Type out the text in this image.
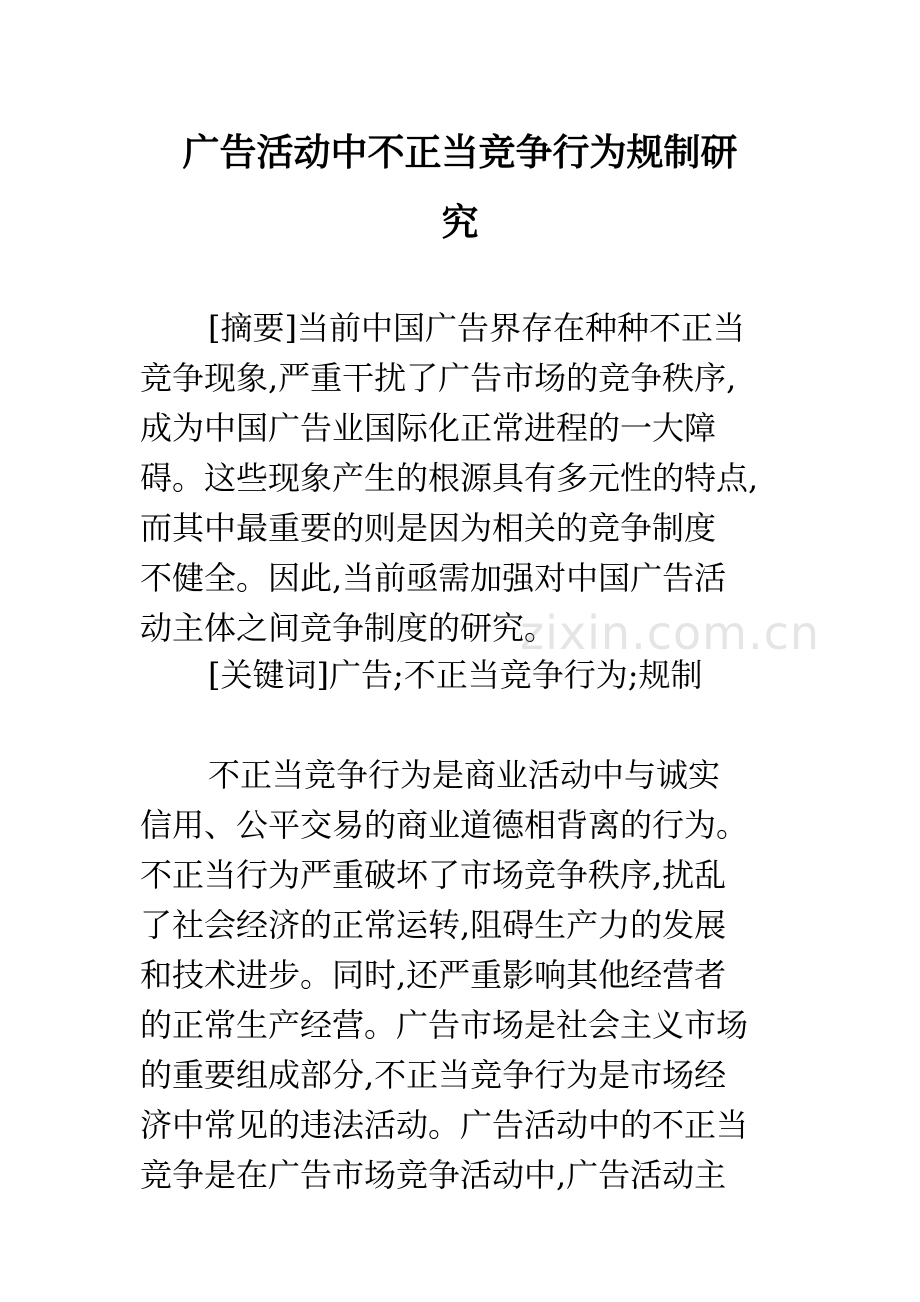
广告活动中不正当竞争行为规制研
究
[摘要]当前中国广告界存在种种不正当
竞争现象,严重干扰了广告市场的竞争秩序,
成为中国广告业国际化正常进程的一大障
碍。这些现象产生的根源具有多元性的特点,
而其中最重要的则是因为相关的竞争制度
不健全。因此,当前亟需加强对中国广告活
动主体之间竞争制度的研究。
[关键词]广告;不正当竞争行为;规制
不正当竞争行为是商业活动中与诚实
信用、公平交易的商业道德相背离的行为。
不正当行为严重破坏了市场竞争秩序,扰乱
了社会经济的正常运转,阻碍生产力的发展
和技术进步。同时,还严重影响其他经营者
的正常生产经营。广告市场是社会主义市场
的重要组成部分,不正当竞争行为是市场经
济中常见的违法活动。广告活动中的不正当
竞争是在广告市场竞争活动中,广告活动主
zixin.com.cn
